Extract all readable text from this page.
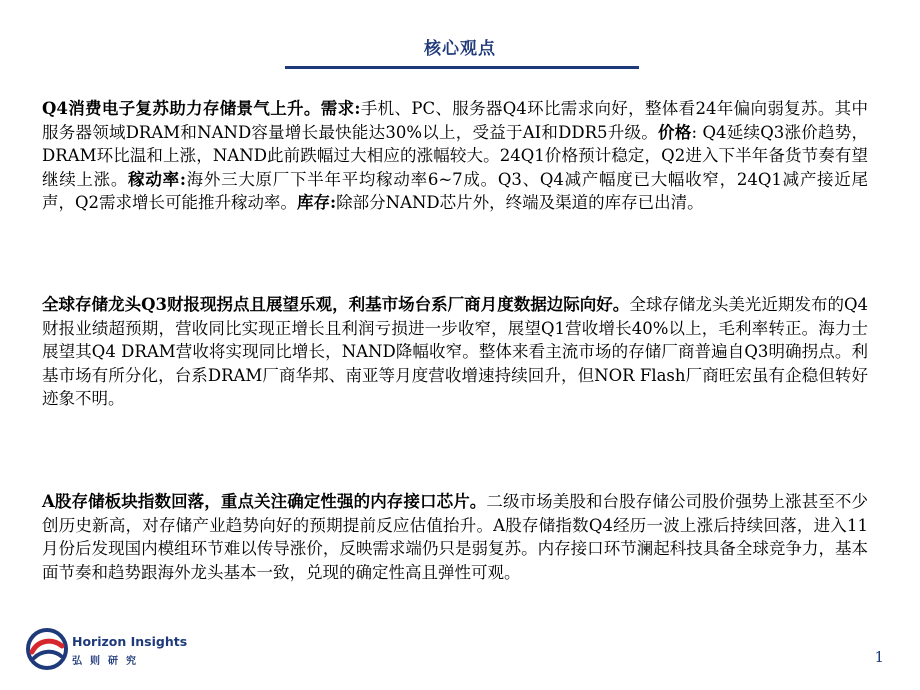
核心观点

Q4消费电子复苏助力存储景气上升。需求:手机、PC、服务器Q4环比需求向好，整体看24年偏向弱复苏。其中服务器领域DRAM和NAND容量增长最快能达30%以上，受益于AI和DDR5升级。价格: Q4延续Q3涨价趋势，DRAM环比温和上涨，NAND此前跌幅过大相应的涨幅较大。24Q1价格预计稳定，Q2进入下半年备货节奏有望继续上涨。稼动率:海外三大原厂下半年平均稼动率6~7成。Q3、Q4减产幅度已大幅收窄，24Q1减产接近尾声，Q2需求增长可能推升稼动率。库存:除部分NAND芯片外，终端及渠道的库存已出清。

全球存储龙头Q3财报现拐点且展望乐观，利基市场台系厂商月度数据边际向好。全球存储龙头美光近期发布的Q4财报业绩超预期，营收同比实现正增长且利润亏损进一步收窄，展望Q1营收增长40%以上，毛利率转正。海力士展望其Q4 DRAM营收将实现同比增长，NAND降幅收窄。整体来看主流市场的存储厂商普遍自Q3明确拐点。利基市场有所分化，台系DRAM厂商华邦、南亚等月度营收增速持续回升，但NOR Flash厂商旺宏虽有企稳但转好迹象不明。

A股存储板块指数回落，重点关注确定性强的内存接口芯片。二级市场美股和台股存储公司股价强势上涨甚至不少创历史新高，对存储产业趋势向好的预期提前反应估值抬升。A股存储指数Q4经历一波上涨后持续回落，进入11月份后发现国内模组环节难以传导涨价，反映需求端仍只是弱复苏。内存接口环节澜起科技具备全球竞争力，基本面节奏和趋势跟海外龙头基本一致，兑现的确定性高且弹性可观。

Horizon Insights
弘则研究	1
